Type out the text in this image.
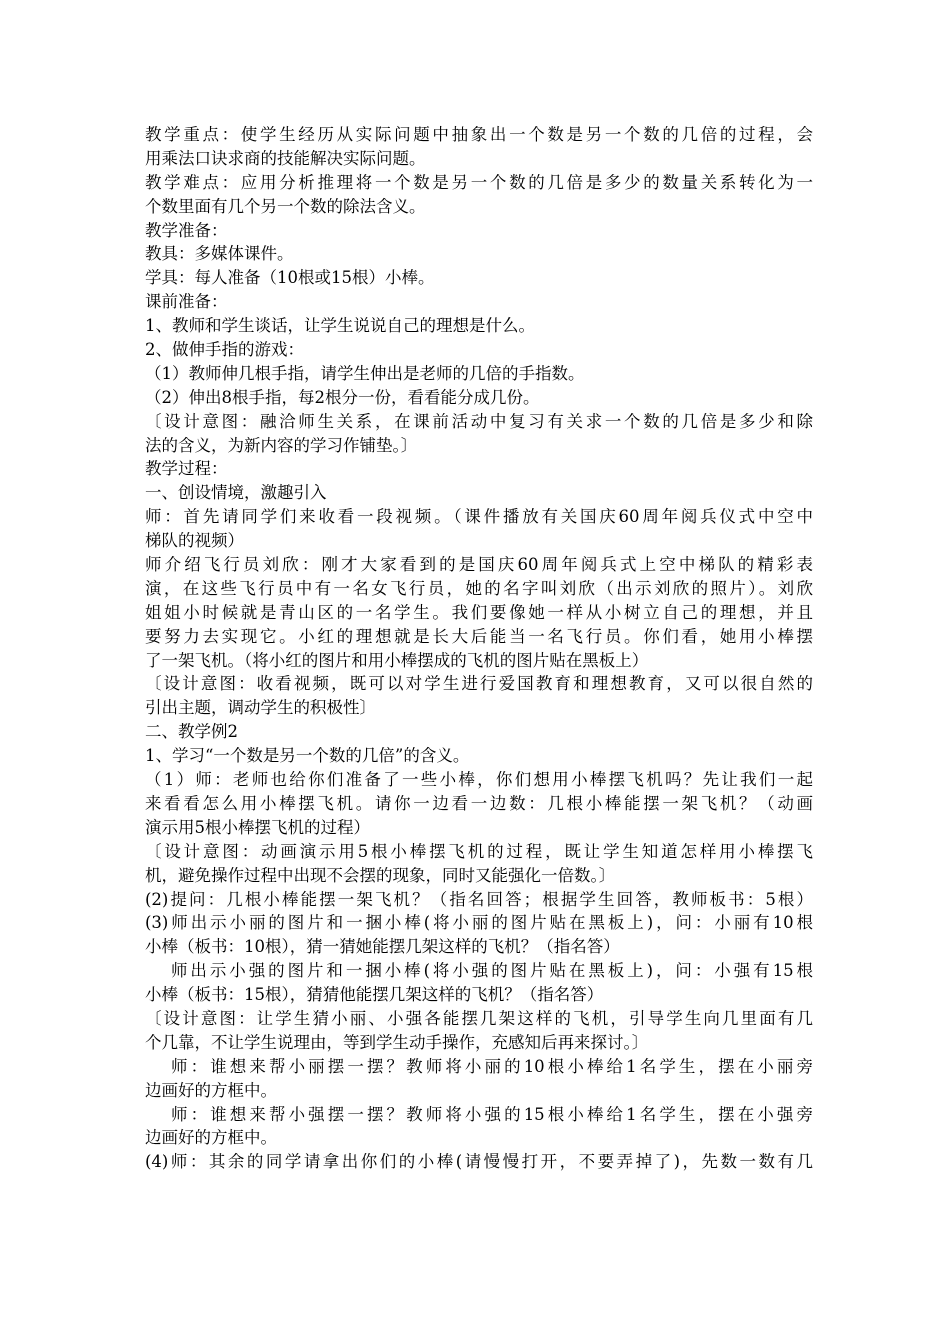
教学重点：使学生经历从实际问题中抽象出一个数是另一个数的几倍的过程，会
用乘法口诀求商的技能解决实际问题。
教学难点：应用分析推理将一个数是另一个数的几倍是多少的数量关系转化为一
个数里面有几个另一个数的除法含义。
教学准备：
教具：多媒体课件。
学具：每人准备（10根或15根）小棒。
课前准备：
1、教师和学生谈话，让学生说说自己的理想是什么。
2、做伸手指的游戏：
（1）教师伸几根手指，请学生伸出是老师的几倍的手指数。
（2）伸出8根手指，每2根分一份，看看能分成几份。
〔设计意图：融洽师生关系，在课前活动中复习有关求一个数的几倍是多少和除
法的含义，为新内容的学习作铺垫。〕
教学过程：
一、创设情境，激趣引入
师：首先请同学们来收看一段视频。（课件播放有关国庆60周年阅兵仪式中空中
梯队的视频）
师介绍飞行员刘欣：刚才大家看到的是国庆60周年阅兵式上空中梯队的精彩表
演，在这些飞行员中有一名女飞行员，她的名字叫刘欣（出示刘欣的照片）。刘欣
姐姐小时候就是青山区的一名学生。我们要像她一样从小树立自己的理想，并且
要努力去实现它。小红的理想就是长大后能当一名飞行员。你们看，她用小棒摆
了一架飞机。（将小红的图片和用小棒摆成的飞机的图片贴在黑板上）
〔设计意图：收看视频，既可以对学生进行爱国教育和理想教育，又可以很自然的
引出主题，调动学生的积极性〕
二、教学例2
1、学习“一个数是另一个数的几倍”的含义。
（1）师：老师也给你们准备了一些小棒，你们想用小棒摆飞机吗？先让我们一起
来看看怎么用小棒摆飞机。请你一边看一边数：几根小棒能摆一架飞机？（动画
演示用5根小棒摆飞机的过程）
〔设计意图：动画演示用5根小棒摆飞机的过程，既让学生知道怎样用小棒摆飞
机，避免操作过程中出现不会摆的现象，同时又能强化一倍数。〕
(2)提问：几根小棒能摆一架飞机？（指名回答；根据学生回答，教师板书：5根）
(3)师出示小丽的图片和一捆小棒(将小丽的图片贴在黑板上)，问：小丽有10根
小棒（板书：10根），猜一猜她能摆几架这样的飞机？（指名答）
师出示小强的图片和一捆小棒(将小强的图片贴在黑板上)，问：小强有15根
小棒（板书：15根），猜猜他能摆几架这样的飞机？（指名答）
〔设计意图：让学生猜小丽、小强各能摆几架这样的飞机，引导学生向几里面有几
个几靠，不让学生说理由，等到学生动手操作，充感知后再来探讨。〕
师：谁想来帮小丽摆一摆？教师将小丽的10根小棒给1名学生，摆在小丽旁
边画好的方框中。
师：谁想来帮小强摆一摆？教师将小强的15根小棒给1名学生，摆在小强旁
边画好的方框中。
(4)师：其余的同学请拿出你们的小棒(请慢慢打开，不要弄掉了)，先数一数有几
